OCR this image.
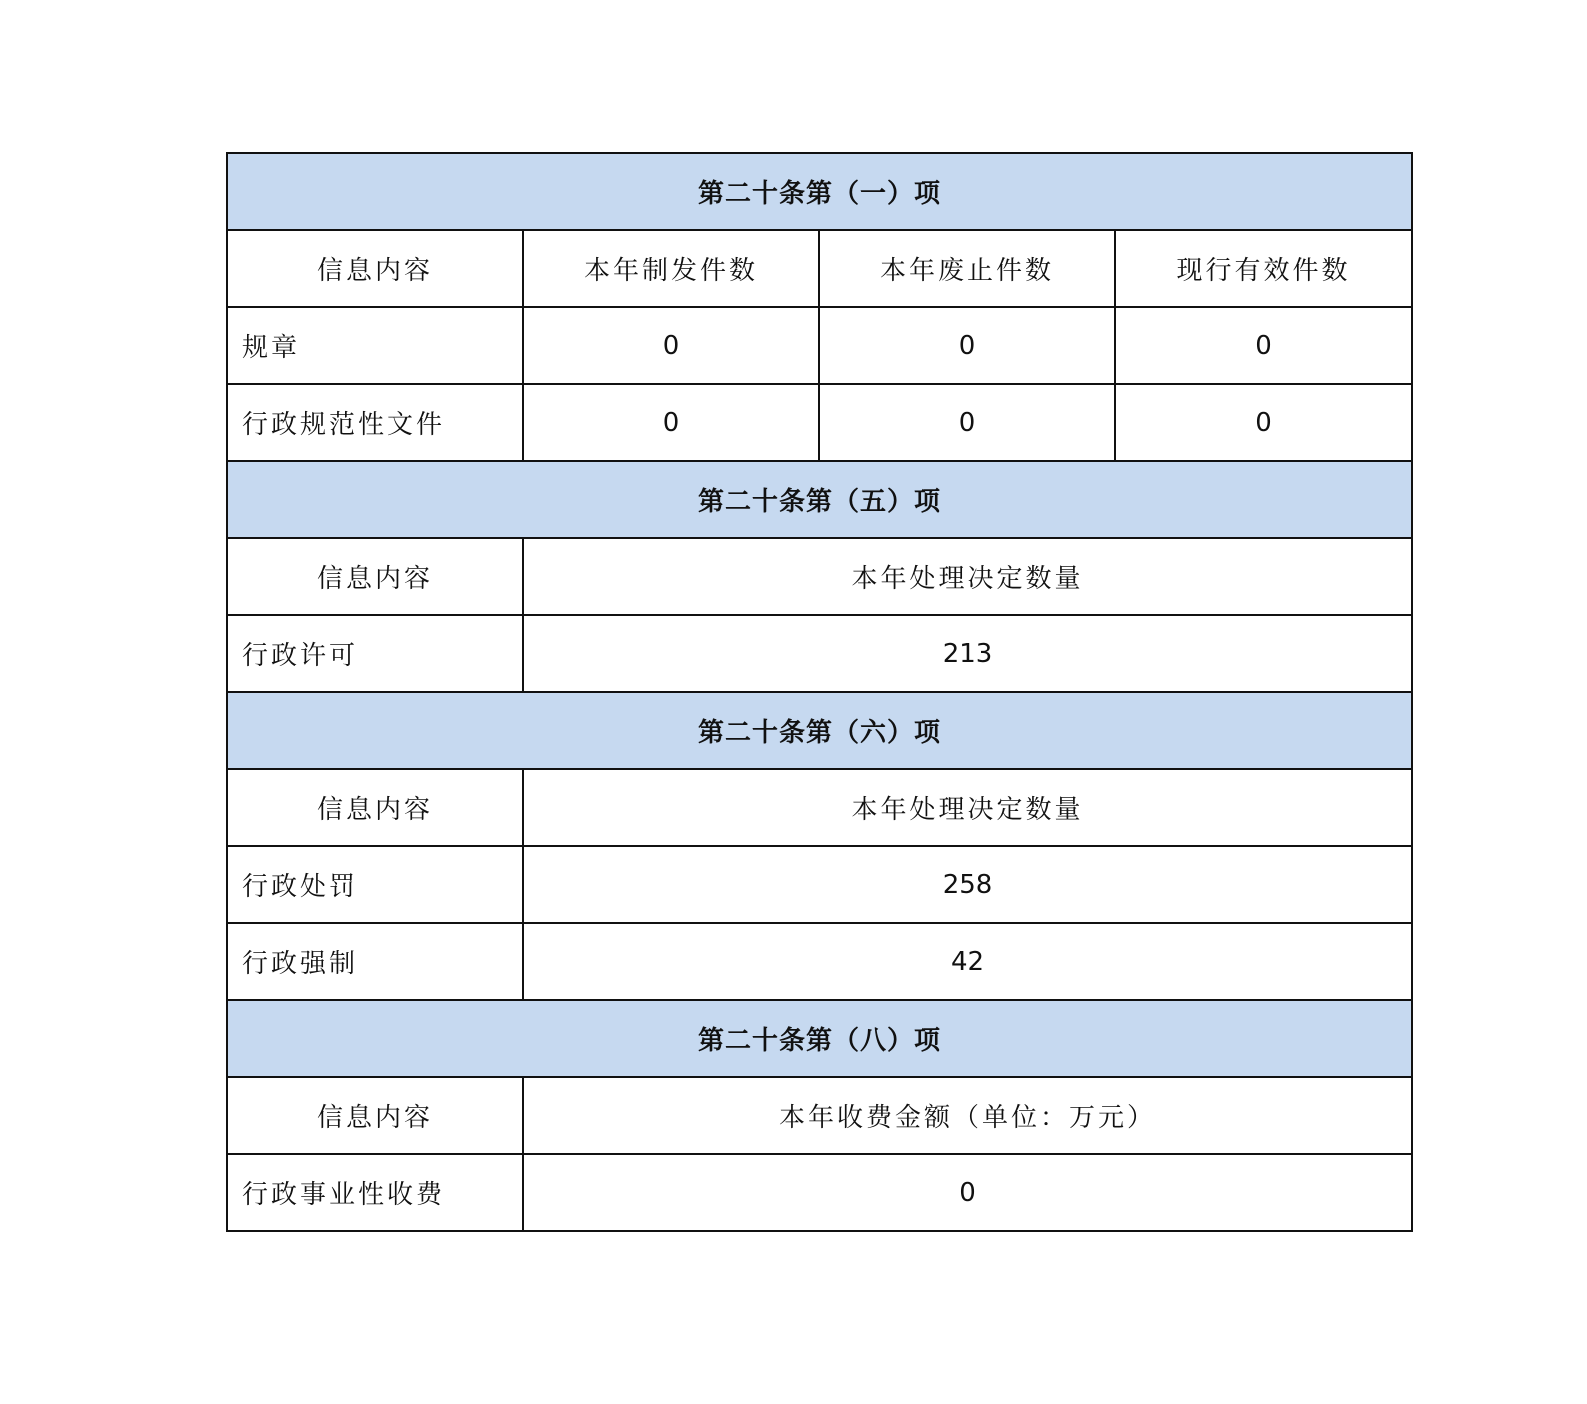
第二十条第（一）项			
信息内容	本年制发件数	本年废止件数	现行有效件数
规章	0	0	0
行政规范性文件	0	0	0
第二十条第（五）项			
信息内容	本年处理决定数量		
行政许可	213		
第二十条第（六）项			
信息内容	本年处理决定数量		
行政处罚	258		
行政强制	42		
第二十条第（八）项			
信息内容	本年收费金额（单位：万元）		
行政事业性收费	0		
